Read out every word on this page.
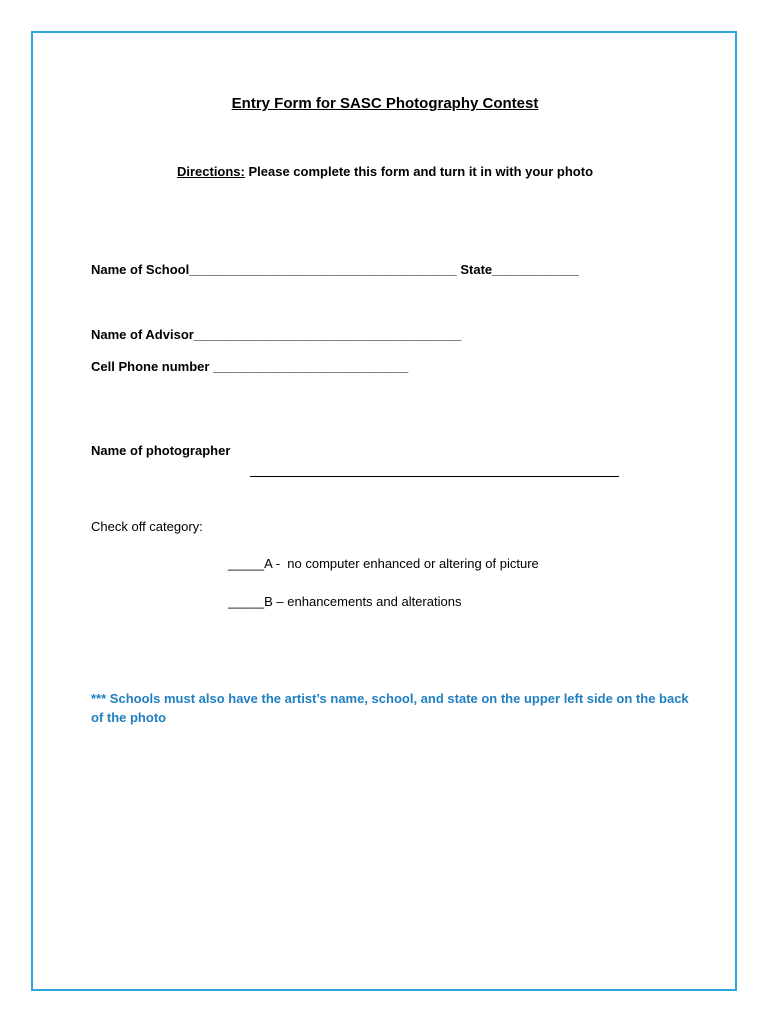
Entry Form for SASC Photography Contest
Directions: Please complete this form and turn it in with your photo
Name of School_____________________________________ State____________
Name of Advisor_____________________________________
Cell Phone number ___________________________
Name of photographer
Check off category:
_____A -  no computer enhanced or altering of picture
_____B – enhancements and alterations
*** Schools must also have the artist’s name, school, and state on the upper left side on the back of the photo
